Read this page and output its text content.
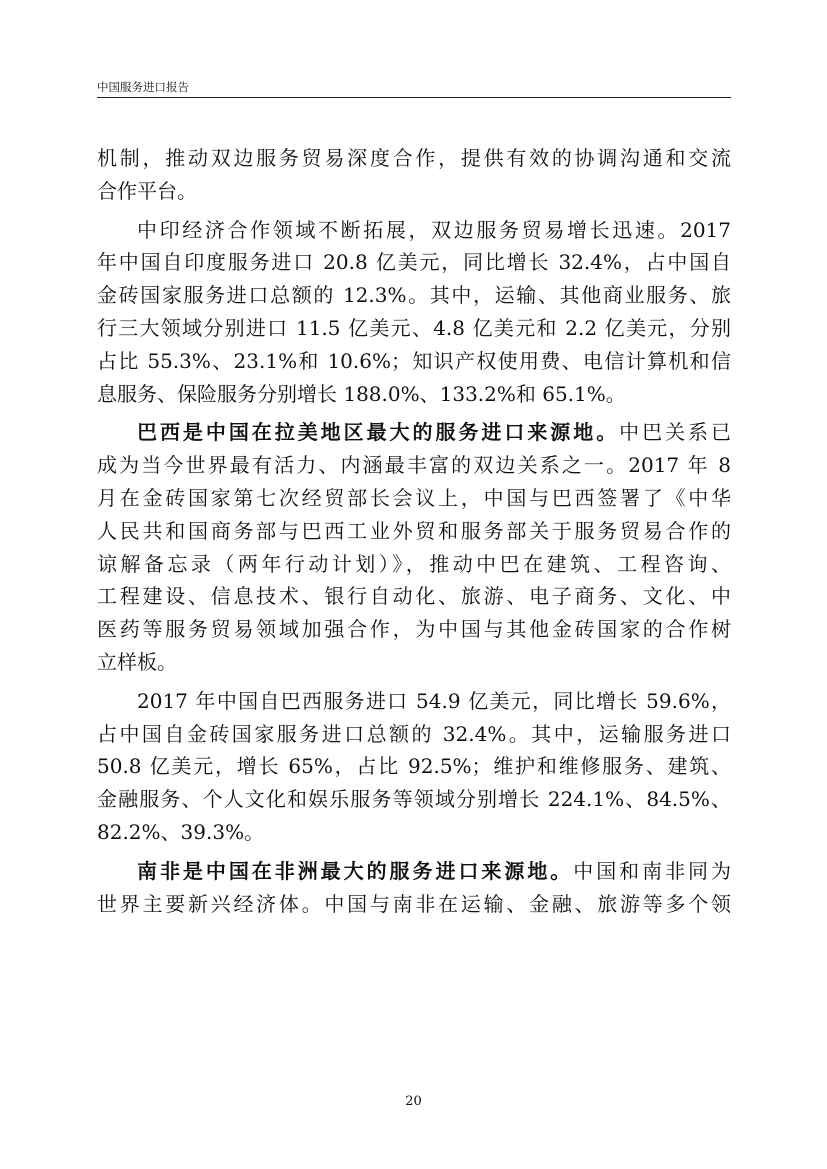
中国服务进口报告
机制，推动双边服务贸易深度合作，提供有效的协调沟通和交流
合作平台。
中印经济合作领域不断拓展，双边服务贸易增长迅速。2017
年中国自印度服务进口 20.8 亿美元，同比增长 32.4%，占中国自
金砖国家服务进口总额的 12.3%。其中，运输、其他商业服务、旅
行三大领域分别进口 11.5 亿美元、4.8 亿美元和 2.2 亿美元，分别
占比 55.3%、23.1%和 10.6%；知识产权使用费、电信计算机和信
息服务、保险服务分别增长 188.0%、133.2%和 65.1%。
巴西是中国在拉美地区最大的服务进口来源地。中巴关系已
成为当今世界最有活力、内涵最丰富的双边关系之一。2017 年 8
月在金砖国家第七次经贸部长会议上，中国与巴西签署了《中华
人民共和国商务部与巴西工业外贸和服务部关于服务贸易合作的
谅解备忘录（两年行动计划）》，推动中巴在建筑、工程咨询、
工程建设、信息技术、银行自动化、旅游、电子商务、文化、中
医药等服务贸易领域加强合作，为中国与其他金砖国家的合作树
立样板。
2017 年中国自巴西服务进口 54.9 亿美元，同比增长 59.6%，
占中国自金砖国家服务进口总额的 32.4%。其中，运输服务进口
50.8 亿美元，增长 65%，占比 92.5%；维护和维修服务、建筑、
金融服务、个人文化和娱乐服务等领域分别增长 224.1%、84.5%、
82.2%、39.3%。
南非是中国在非洲最大的服务进口来源地。中国和南非同为
世界主要新兴经济体。中国与南非在运输、金融、旅游等多个领
20
